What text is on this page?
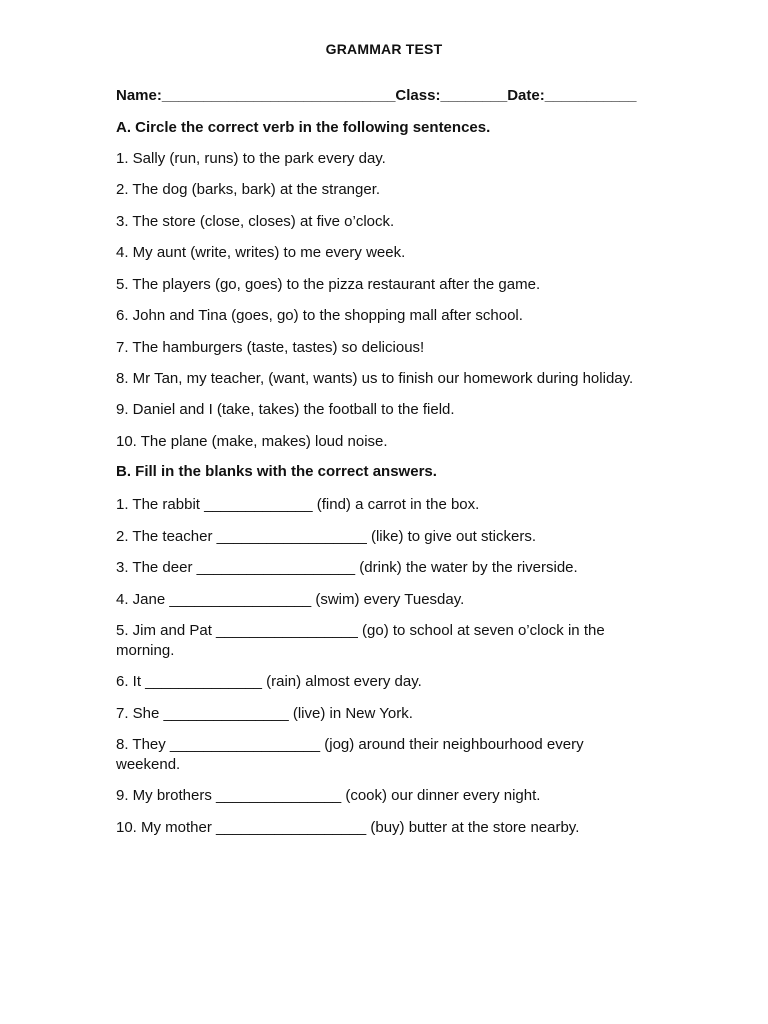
GRAMMAR TEST
Name:____________________________Class:________Date:___________
A. Circle the correct verb in the following sentences.
1. Sally (run, runs) to the park every day.
2. The dog (barks, bark) at the stranger.
3. The store (close, closes) at five o’clock.
4. My aunt (write, writes) to me every week.
5. The players (go, goes) to the pizza restaurant after the game.
6. John and Tina (goes, go) to the shopping mall after school.
7. The hamburgers (taste, tastes) so delicious!
8. Mr Tan, my teacher, (want, wants) us to finish our homework during holiday.
9. Daniel and I (take, takes) the football to the field.
10. The plane (make, makes) loud noise.
B. Fill in the blanks with the correct answers.
1. The rabbit _____________ (find) a carrot in the box.
2. The teacher __________________ (like) to give out stickers.
3. The deer ___________________ (drink) the water by the riverside.
4. Jane _________________ (swim) every Tuesday.
5. Jim and Pat _________________ (go) to school at seven o’clock in the
morning.
6. It ______________ (rain) almost every day.
7. She _______________ (live) in New York.
8. They __________________ (jog) around their neighbourhood every
weekend.
9. My brothers _______________ (cook) our dinner every night.
10. My mother __________________ (buy) butter at the store nearby.
